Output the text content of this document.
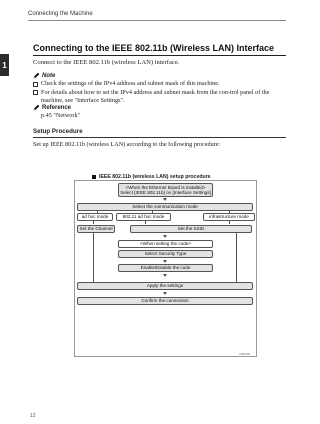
Connecting the Machine
1
Connecting to the IEEE 802.11b (Wireless LAN) Interface
Connect to the IEEE 802.11b (wireless LAN) interface.
Note
Check the settings of the IPv4 address and subnet mask of this machine.
For details about how to set the IPv4 address and subnet mask from the con-trol panel of the machine, see "Interface Settings".
Reference
p.45 "Network"
Setup Procedure
Set up IEEE 802.11b (wireless LAN) according to the following procedure:
IEEE 802.11b (wireless LAN) setup procedure
<When the Ethernet Board is installed>
Select [IEEE 802.11b] on [Interface Settings]
Select the communication mode
ad hoc mode	802.11 ad hoc mode	infrastructure mode
Set the Channel	Set the SSID
<When setting the code>
Select Security Type
Enable/Disable the code
Apply the settings
Confirm the connection
ASE010S
12
